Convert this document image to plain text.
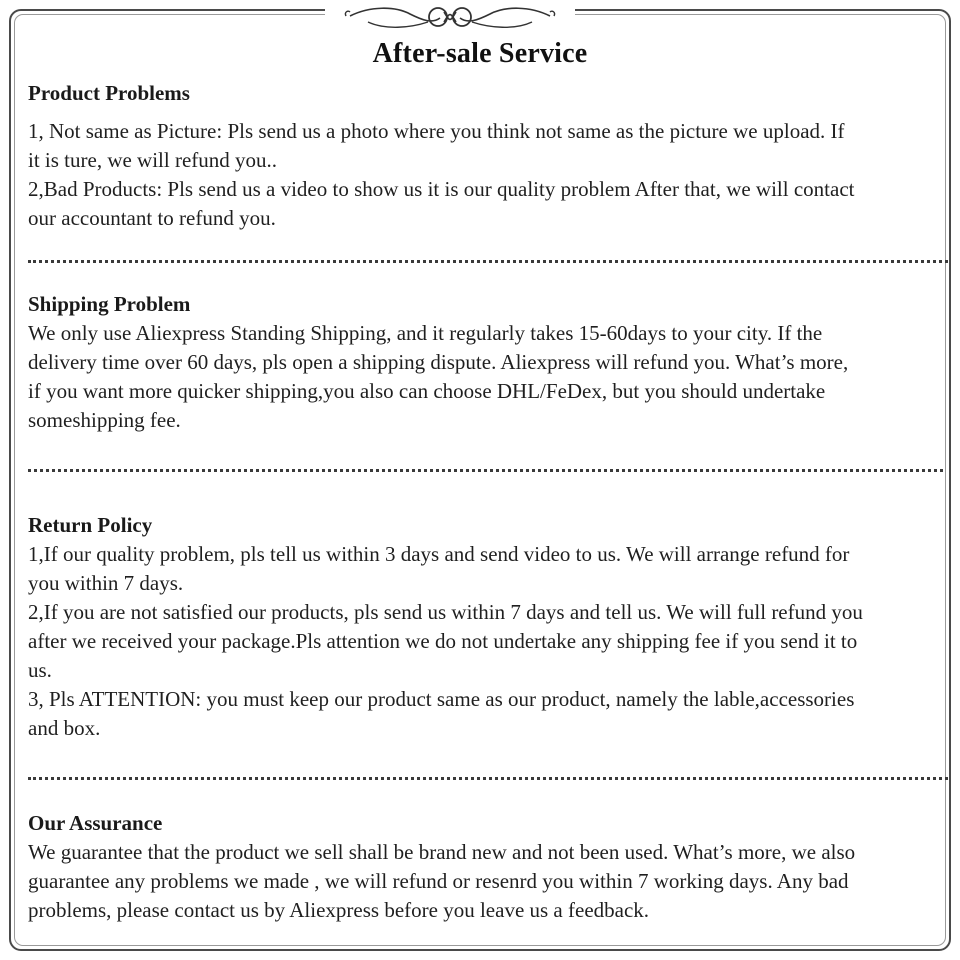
After-sale Service
Product Problems
1, Not same as Picture: Pls send us a photo where you think not same as the picture we upload. If
it is ture, we will refund you..
2,Bad Products: Pls send us a video to show us it is our quality problem After that, we will contact
our accountant to refund you.
Shipping Problem
We only use Aliexpress Standing Shipping, and it regularly takes 15-60days to your city. If the
delivery time over 60 days, pls open a shipping dispute. Aliexpress will refund you. What’s more,
if you want more quicker shipping,you also can choose DHL/FeDex, but you should undertake
someshipping fee.
Return Policy
1,If our quality problem, pls tell us within 3 days and send video to us. We will arrange refund for
you within 7 days.
2,If you are not satisfied our products, pls send us within 7 days and tell us. We will full refund you
after we received your package.Pls attention we do not undertake any shipping fee if you send it to
us.
3, Pls ATTENTION: you must keep our product same as our product, namely the lable,accessories
and box.
Our Assurance
We guarantee that the product we sell shall be brand new and not been used. What’s more, we also
guarantee any problems we made , we will refund or resenrd you within 7 working days. Any bad
problems, please contact us by Aliexpress before you leave us a feedback.
